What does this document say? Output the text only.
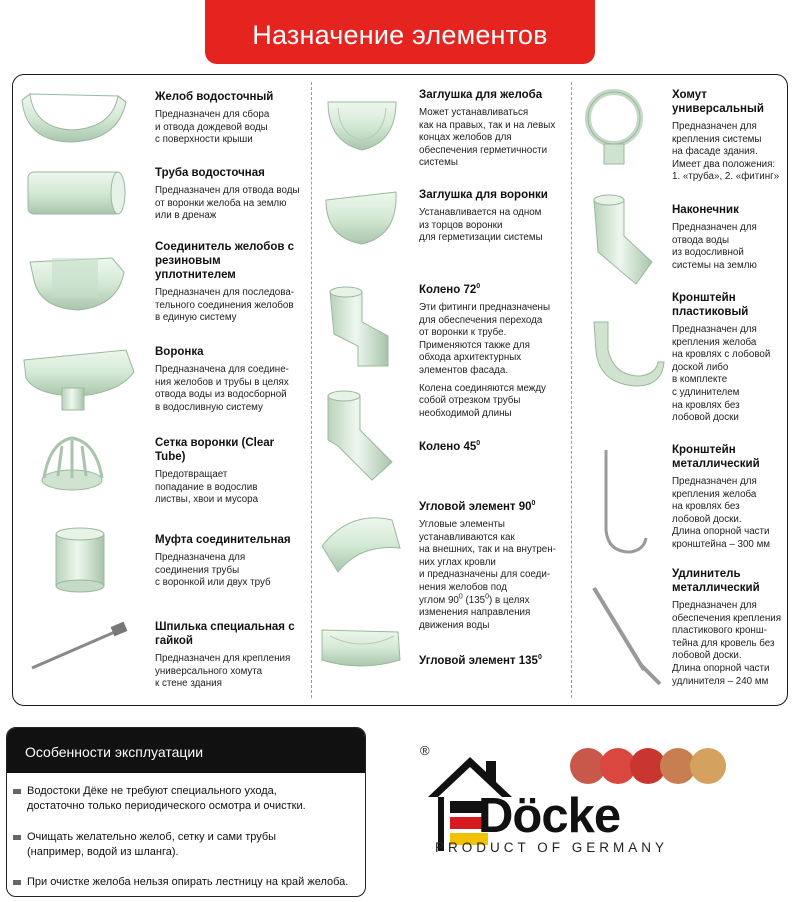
Назначение элементов
Желоб водосточный
Предназначен для сбора
и отвода дождевой воды
с поверхности крыши
Труба водосточная
Предназначен для отвода воды
от воронки желоба на землю
или в дренаж
Соединитель желобов с резиновым уплотнителем
Предназначен для последова-
тельного соединения желобов
в единую систему
Воронка
Предназначена для соедине-
ния желобов и трубы в целях
отвода воды из водосборной
в водосливную систему
Сетка воронки (Clear Tube)
Предотвращает
попадание в водослив
листвы, хвои и мусора
Муфта соединительная
Предназначена для
соединения трубы
с воронкой или двух труб
Шпилька специальная с гайкой
Предназначен для крепления
универсального хомута
к стене здания
Заглушка для желоба
Может устанавливаться
как на правых, так и на левых
концах желобов для
обеспечения герметичности
системы
Заглушка для воронки
Устанавливается на одном
из торцов воронки
для герметизации системы
Колено $72^0$

Эти фитинги предназначены
для обеспечения перехода
от воронки к трубе.
Применяются также для
обхода архитектурных
элементов фасада.

Колена соединяются между
собой отрезком трубы
необходимой длины

Колено $45^0$
Угловой элемент $90^0$
Угловые элементы
устанавливаются как
на внешних, так и на внутрен-
них углах кровли
и предназначены для соеди-
нения желобов под
углом $90^0$ $(135^0)$ в целях
изменения направления
движения воды
Угловой элемент $135^0$
Хомут универсальный
Предназначен для
крепления системы
на фасаде здания.
Имеет два положения:
1. «труба», 2. «фитинг»
Наконечник
Предназначен для
отвода воды
из водосливной
системы на землю
Кронштейн пластиковый
Предназначен для
крепления желоба
на кровлях с лобовой
доской либо
в комплекте
с удлинителем
на кровлях без
лобовой доски
Кронштейн металлический
Предназначен для
крепления желоба
на кровлях без
лобовой доски.
Длина опорной части
кронштейна – 300 мм
Удлинитель металлический
Предназначен для
обеспечения крепления
пластикового кронш-
тейна для кровель без
лобовой доски.
Длина опорной части
удлинителя – 240 мм
Особенности эксплуатации
Водостоки Дёке не требуют специального ухода,
достаточно только периодического осмотра и очистки.
Очищать желательно желоб, сетку и сами трубы
(например, водой из шланга).
При очистке желоба нельзя опирать лестницу на край желоба.
®
Döcke
PRODUCT OF GERMANY
